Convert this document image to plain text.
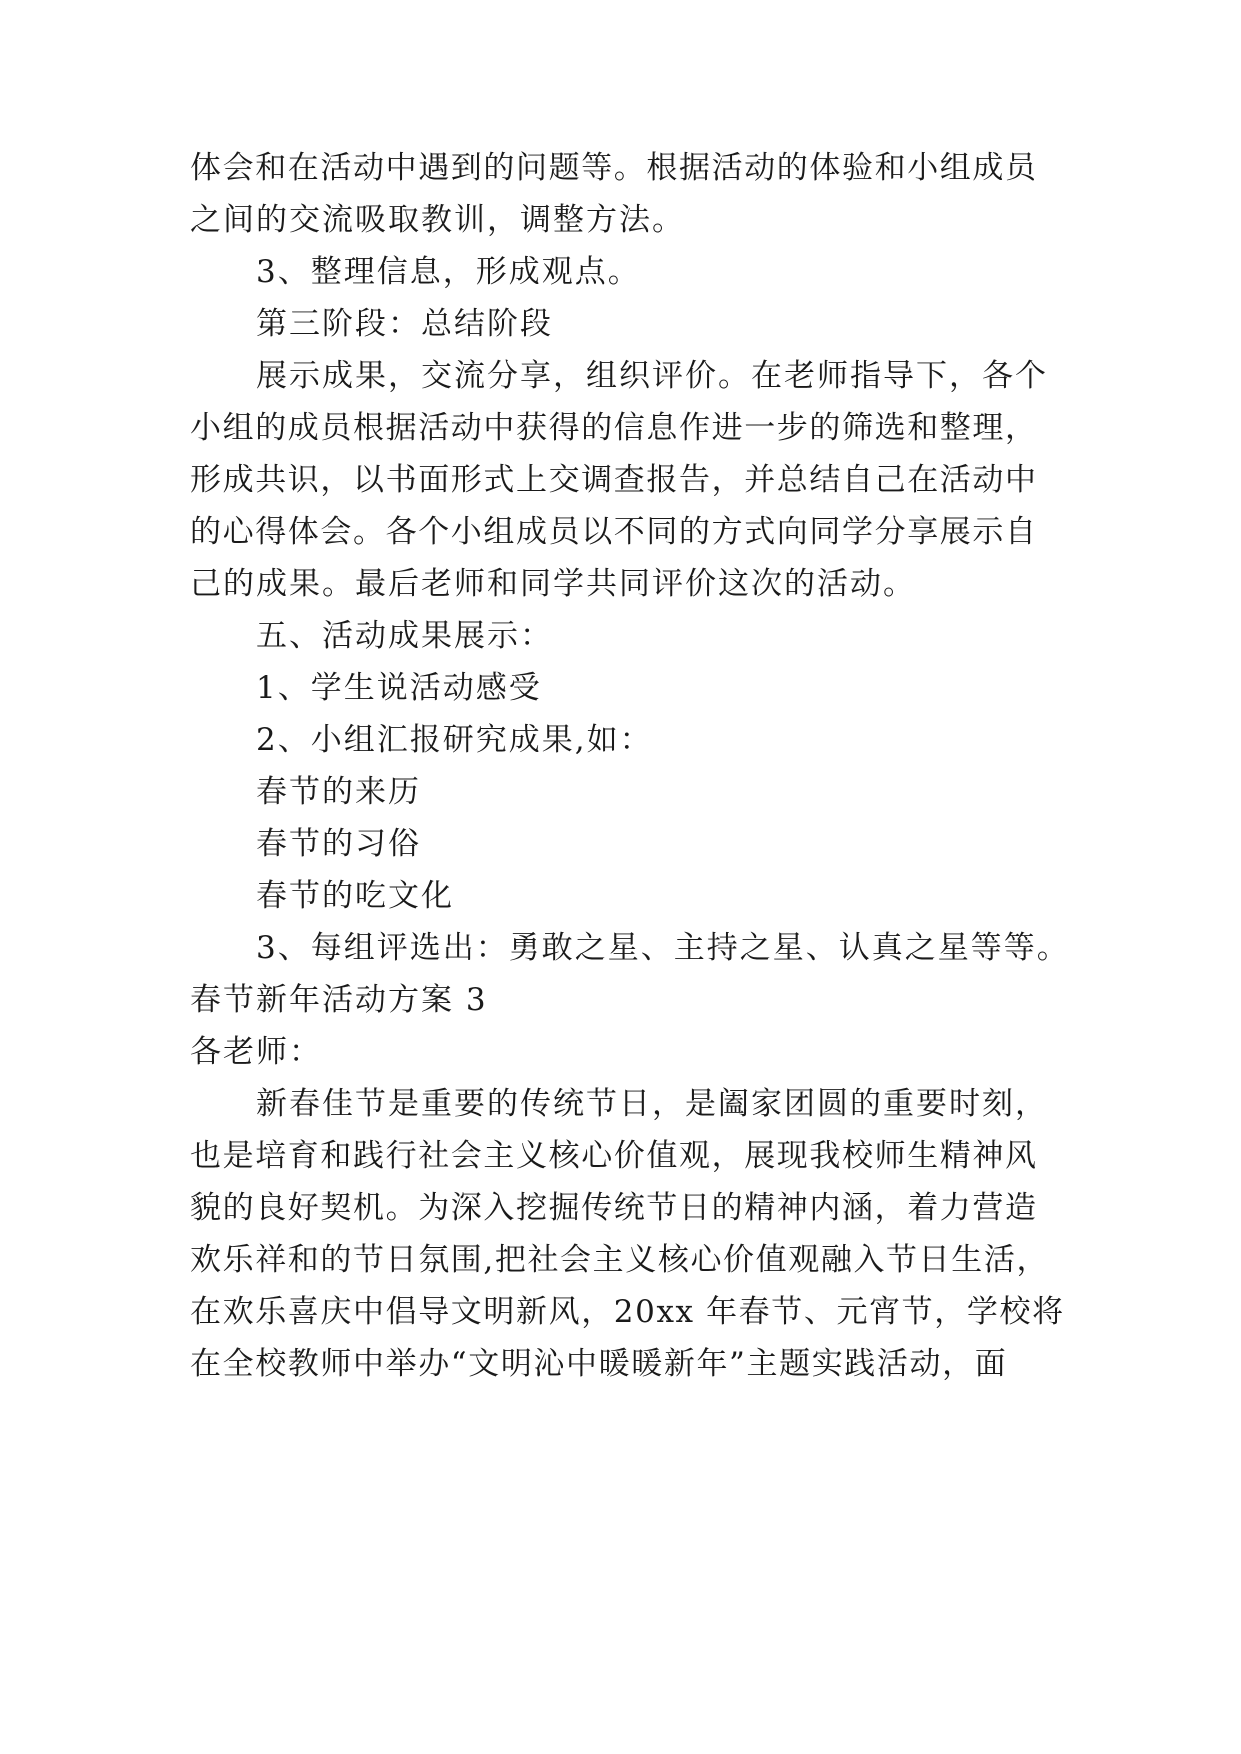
体会和在活动中遇到的问题等。根据活动的体验和小组成员
之间的交流吸取教训，调整方法。
3、整理信息，形成观点。
第三阶段：总结阶段
展示成果，交流分享，组织评价。在老师指导下，各个
小组的成员根据活动中获得的信息作进一步的筛选和整理，
形成共识，以书面形式上交调查报告，并总结自己在活动中
的心得体会。各个小组成员以不同的方式向同学分享展示自
己的成果。最后老师和同学共同评价这次的活动。
五、活动成果展示：
1、学生说活动感受
2、小组汇报研究成果,如：
春节的来历
春节的习俗
春节的吃文化
3、每组评选出：勇敢之星、主持之星、认真之星等等。
春节新年活动方案 3
各老师：
新春佳节是重要的传统节日，是阖家团圆的重要时刻，
也是培育和践行社会主义核心价值观，展现我校师生精神风
貌的良好契机。为深入挖掘传统节日的精神内涵，着力营造
欢乐祥和的节日氛围,把社会主义核心价值观融入节日生活，
在欢乐喜庆中倡导文明新风，20xx 年春节、元宵节，学校将
在全校教师中举办“文明沁中暖暖新年”主题实践活动，面
